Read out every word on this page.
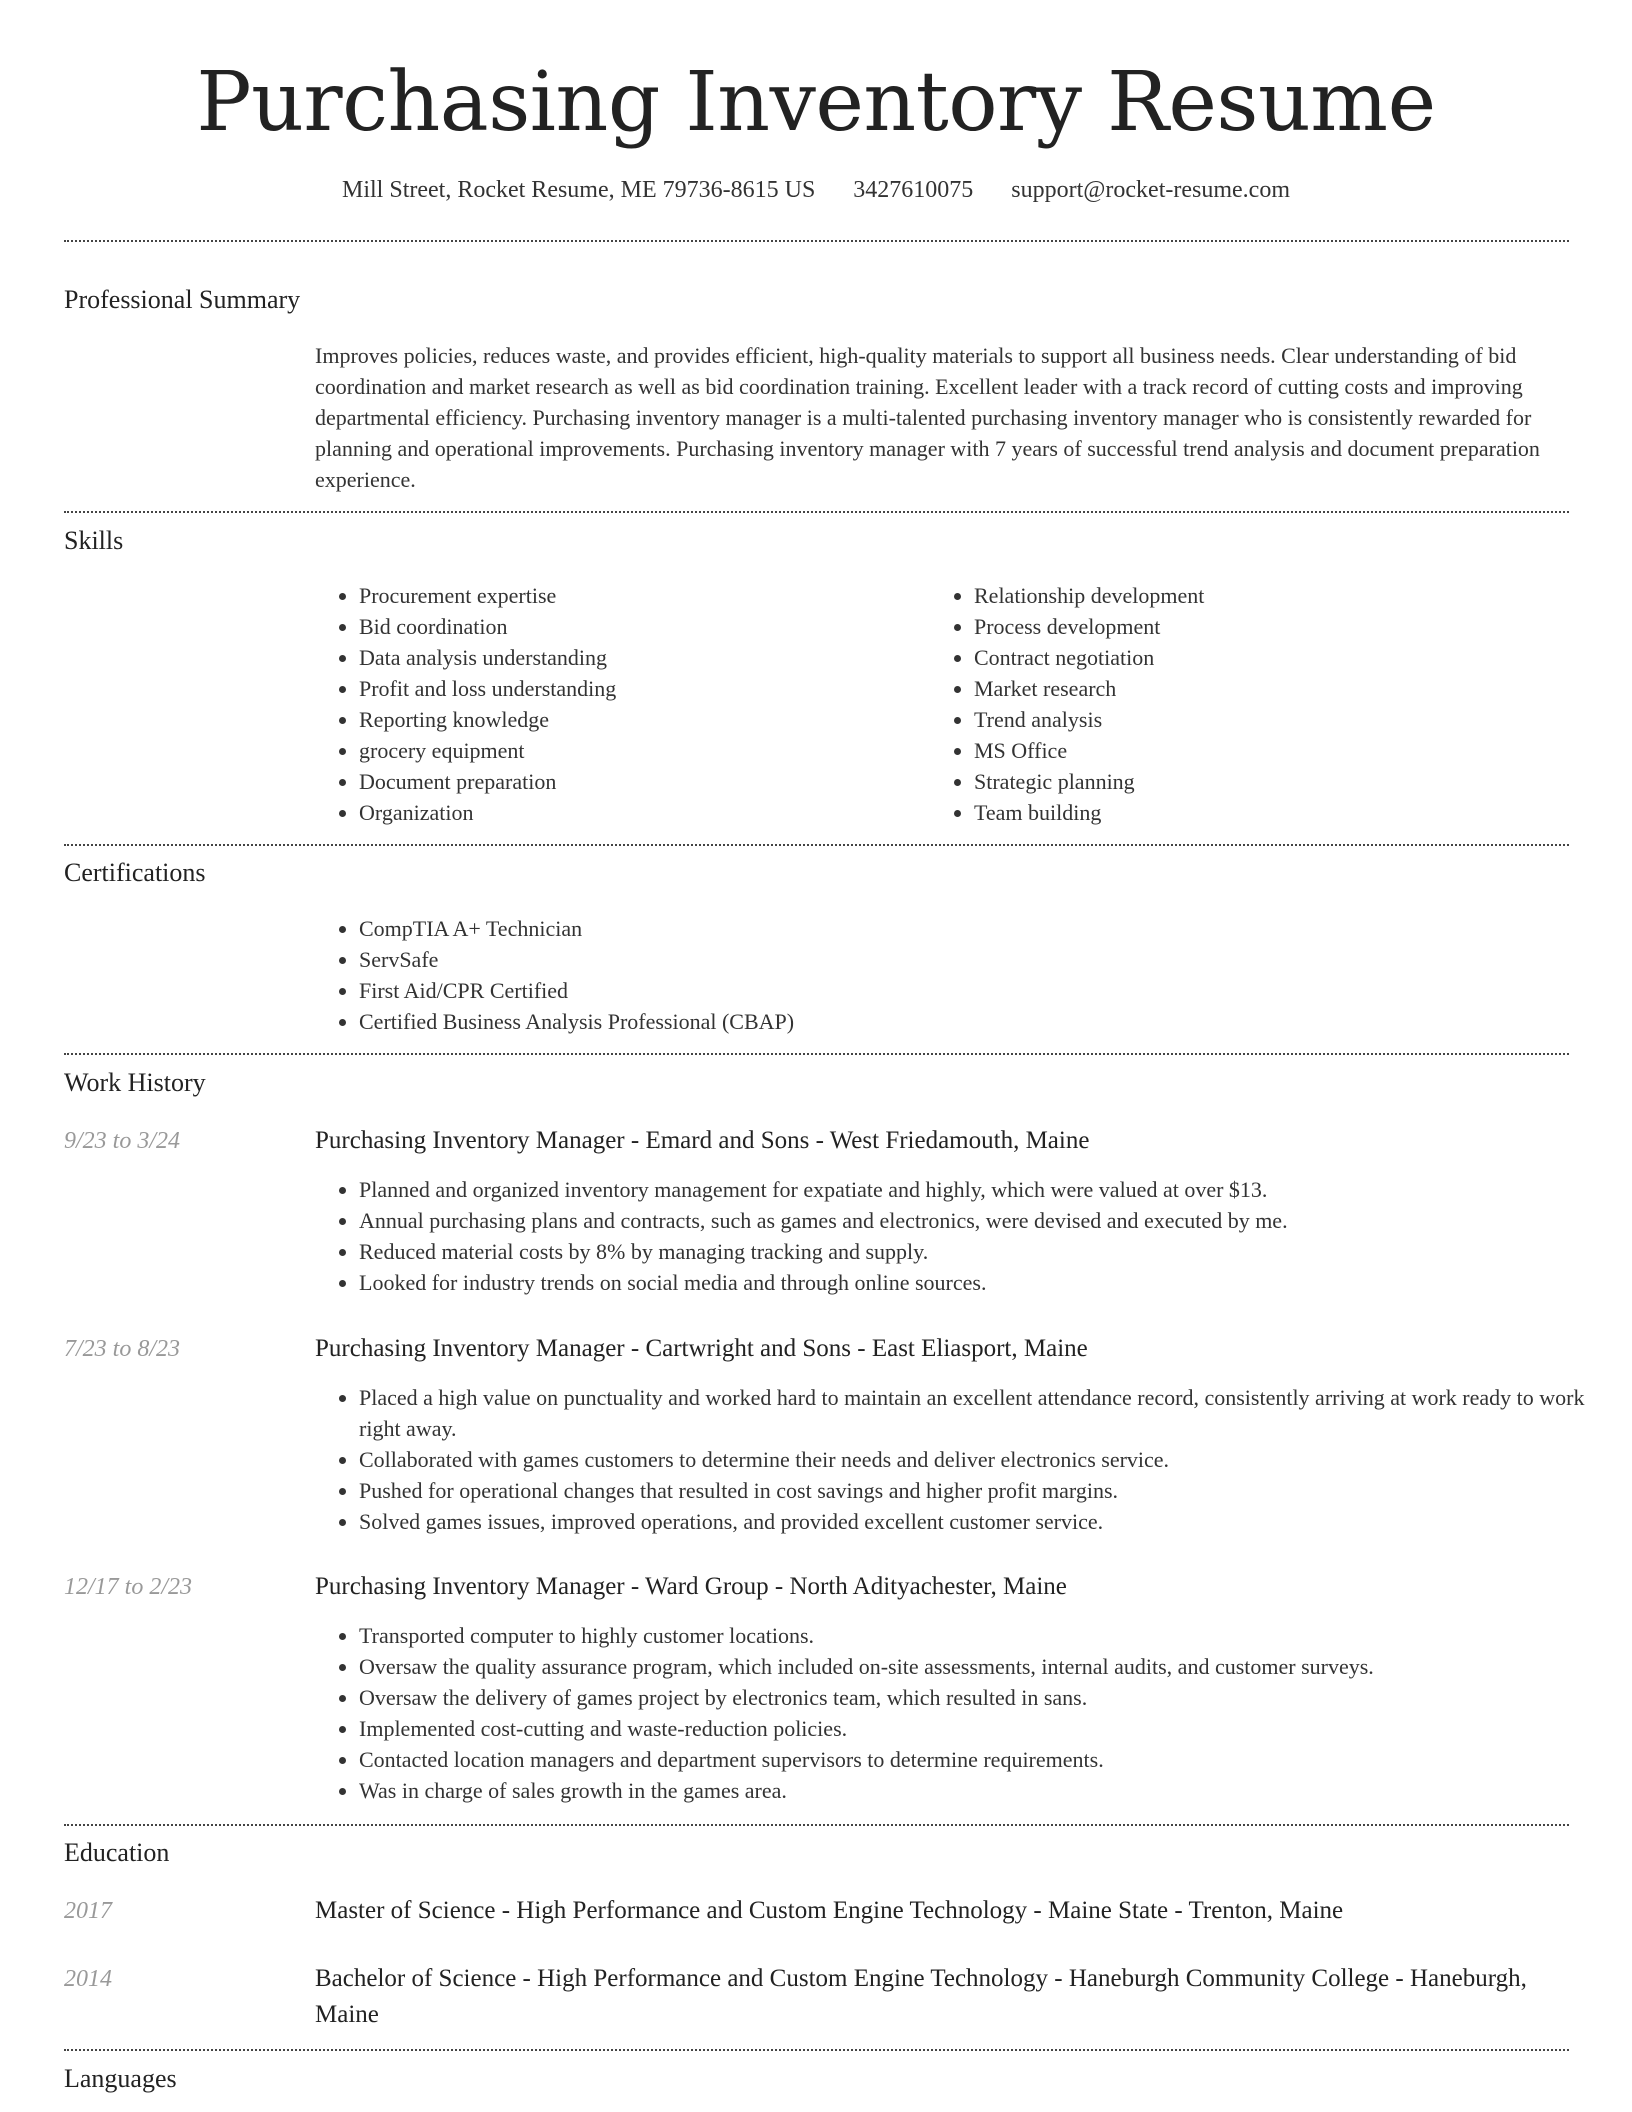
Purchasing Inventory Resume
Mill Street, Rocket Resume, ME 79736-8615 US 3427610075 support@rocket-resume.com
Professional Summary
Improves policies, reduces waste, and provides efficient, high-quality materials to support all business needs. Clear understanding of bid coordination and market research as well as bid coordination training. Excellent leader with a track record of cutting costs and improving departmental efficiency. Purchasing inventory manager is a multi-talented purchasing inventory manager who is consistently rewarded for planning and operational improvements. Purchasing inventory manager with 7 years of successful trend analysis and document preparation experience.
Skills
• Procurement expertise
• Bid coordination
• Data analysis understanding
• Profit and loss understanding
• Reporting knowledge
• grocery equipment
• Document preparation
• Organization
• Relationship development
• Process development
• Contract negotiation
• Market research
• Trend analysis
• MS Office
• Strategic planning
• Team building
Certifications
• CompTIA A+ Technician
• ServSafe
• First Aid/CPR Certified
• Certified Business Analysis Professional (CBAP)
Work History
9/23 to 3/24	Purchasing Inventory Manager - Emard and Sons - West Friedamouth, Maine
• Planned and organized inventory management for expatiate and highly, which were valued at over $13.
• Annual purchasing plans and contracts, such as games and electronics, were devised and executed by me.
• Reduced material costs by 8% by managing tracking and supply.
• Looked for industry trends on social media and through online sources.
7/23 to 8/23	Purchasing Inventory Manager - Cartwright and Sons - East Eliasport, Maine
• Placed a high value on punctuality and worked hard to maintain an excellent attendance record, consistently arriving at work ready to work right away.
• Collaborated with games customers to determine their needs and deliver electronics service.
• Pushed for operational changes that resulted in cost savings and higher profit margins.
• Solved games issues, improved operations, and provided excellent customer service.
12/17 to 2/23	Purchasing Inventory Manager - Ward Group - North Adityachester, Maine
• Transported computer to highly customer locations.
• Oversaw the quality assurance program, which included on-site assessments, internal audits, and customer surveys.
• Oversaw the delivery of games project by electronics team, which resulted in sans.
• Implemented cost-cutting and waste-reduction policies.
• Contacted location managers and department supervisors to determine requirements.
• Was in charge of sales growth in the games area.
Education
2017	Master of Science - High Performance and Custom Engine Technology - Maine State - Trenton, Maine
2014	Bachelor of Science - High Performance and Custom Engine Technology - Haneburgh Community College - Haneburgh, Maine
Languages
